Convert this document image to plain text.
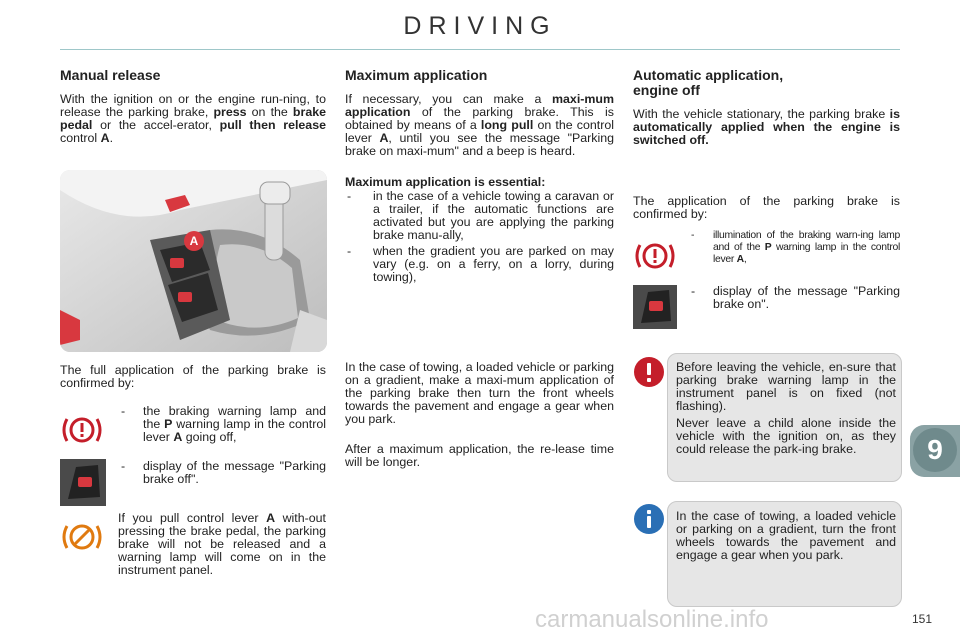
DRIVING
Manual release

With the ignition on or the engine run-ning, to release the parking brake, press on the brake pedal or the accel-erator, pull then release control A.

A

The full application of the parking brake is confirmed by:

- the braking warning lamp and the P warning lamp in the control lever A going off,
- display of the message "Parking brake off".

If you pull control lever A with-out pressing the brake pedal, the parking brake will not be released and a warning lamp will come on in the instrument panel.

Maximum application

If necessary, you can make a maxi-mum application of the parking brake. This is obtained by means of a long pull on the control lever A, until you see the message "Parking brake on maxi-mum" and a beep is heard.

Maximum application is essential:

- in the case of a vehicle towing a caravan or a trailer, if the automatic functions are activated but you are applying the parking brake manu-ally,
- when the gradient you are parked on may vary (e.g. on a ferry, on a lorry, during towing),

In the case of towing, a loaded vehicle or parking on a gradient, make a maxi-mum application of the parking brake then turn the front wheels towards the pavement and engage a gear when you park.

After a maximum application, the re-lease time will be longer.

Automatic application,
engine off

With the vehicle stationary, the parking brake is automatically applied when the engine is switched off.

The application of the parking brake is confirmed by:

- illumination of the braking warn-ing lamp and of the P warning lamp in the control lever A,
- display of the message "Parking brake on".

Before leaving the vehicle, en-sure that parking brake warning lamp in the instrument panel is on fixed (not flashing).

Never leave a child alone inside the vehicle with the ignition on, as they could release the park-ing brake.

In the case of towing, a loaded vehicle or parking on a gradient, turn the front wheels towards the pavement and engage a gear when you park.

9
carmanualsonline.info	151
